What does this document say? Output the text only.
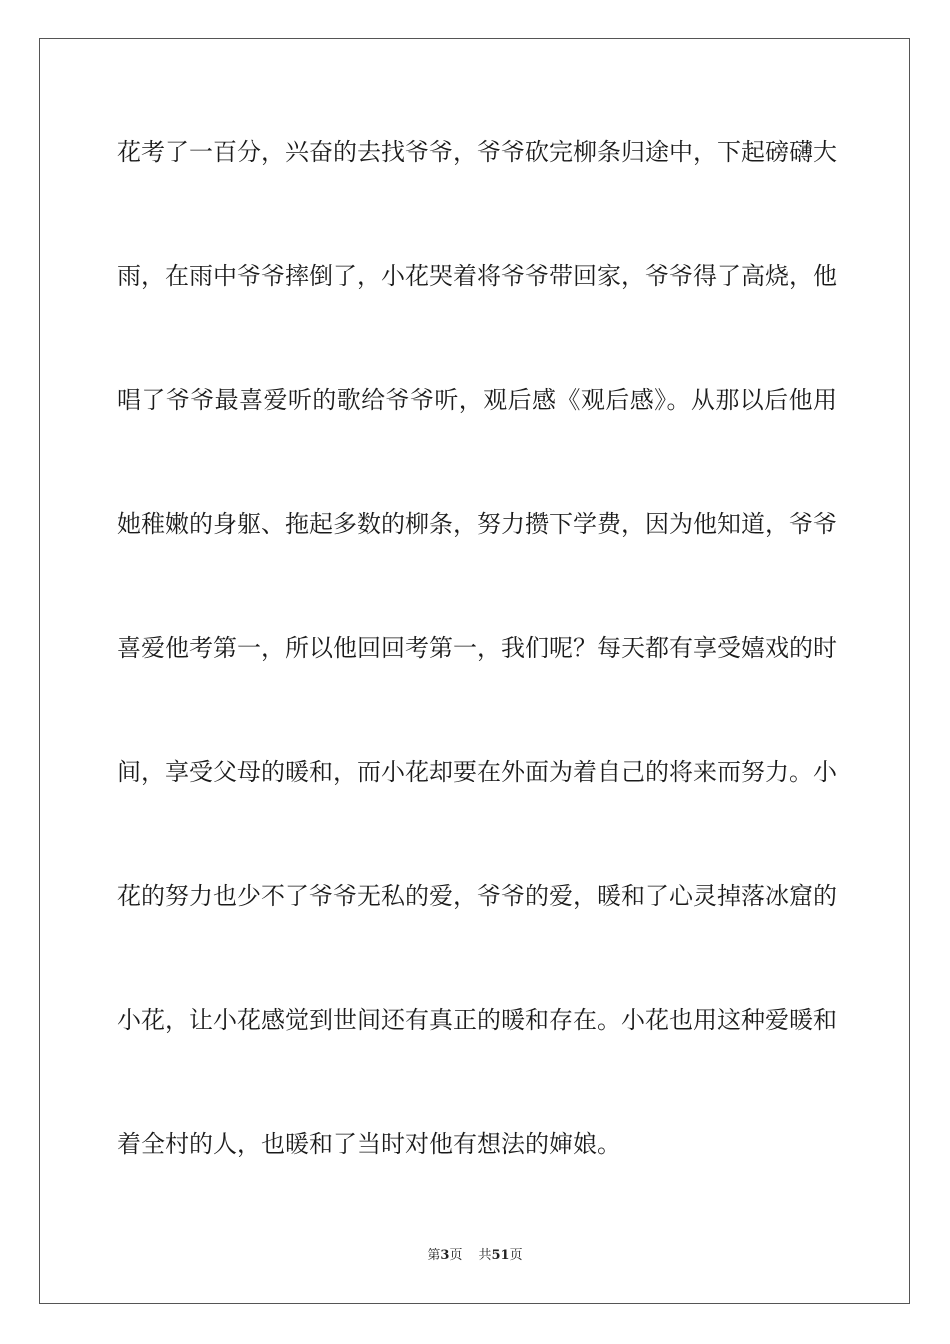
花考了一百分，兴奋的去找爷爷，爷爷砍完柳条归途中，下起磅礴大
雨，在雨中爷爷摔倒了，小花哭着将爷爷带回家，爷爷得了高烧，他
唱了爷爷最喜爱听的歌给爷爷听，观后感《观后感》。从那以后他用
她稚嫩的身躯、拖起多数的柳条，努力攒下学费，因为他知道，爷爷
喜爱他考第一，所以他回回考第一，我们呢？每天都有享受嬉戏的时
间，享受父母的暖和，而小花却要在外面为着自己的将来而努力。小
花的努力也少不了爷爷无私的爱，爷爷的爱，暖和了心灵掉落冰窟的
小花，让小花感觉到世间还有真正的暖和存在。小花也用这种爱暖和
着全村的人，也暖和了当时对他有想法的婶娘。
第3页 共51页
